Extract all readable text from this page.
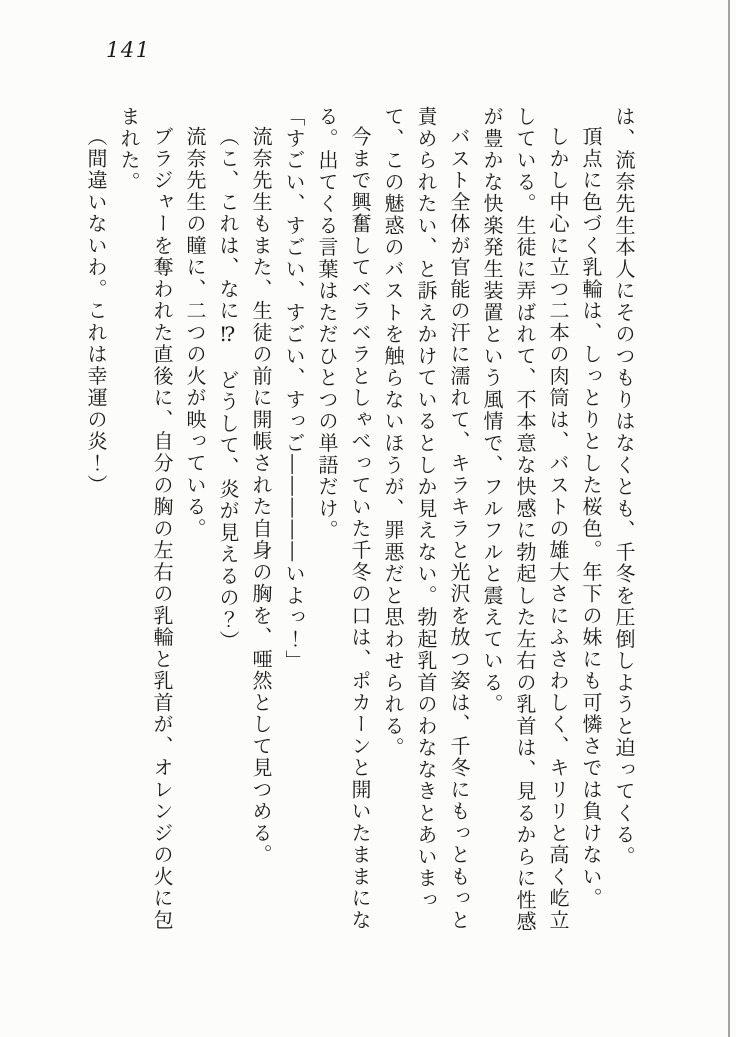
141

は、流奈先生本人にそのつもりはなくとも、千冬を圧倒しようと迫ってくる。

頂点に色づく乳輪は、しっとりとした桜色。年下の妹にも可憐さでは負けない。

しかし中心に立つ二本の肉筒は、バストの雄大さにふさわしく、キリリと高く屹立している。生徒に弄ばれて、不本意な快感に勃起した左右の乳首は、見るからに性感が豊かな快楽発生装置という風情で、フルフルと震えている。

バスト全体が官能の汗に濡れて、キラキラと光沢を放つ姿は、千冬にもっともっと責められたい、と訴えかけているとしか見えない。勃起乳首のわななきとあいまって、この魅惑のバストを触らないほうが、罪悪だと思わせられる。

今まで興奮してベラベラとしゃべっていた千冬の口は、ポカーンと開いたままになる。出てくる言葉はただひとつの単語だけ。

「すごい、すごい、すごい、すっご―――――いよっ！」

流奈先生もまた、生徒の前に開帳された自身の胸を、唖然として見つめる。

（こ、これは、なに⁉　どうして、炎が見えるの？）

流奈先生の瞳に、二つの火が映っている。

ブラジャーを奪われた直後に、自分の胸の左右の乳輪と乳首が、オレンジの火に包まれた。

（間違いないわ。これは幸運の炎！）
